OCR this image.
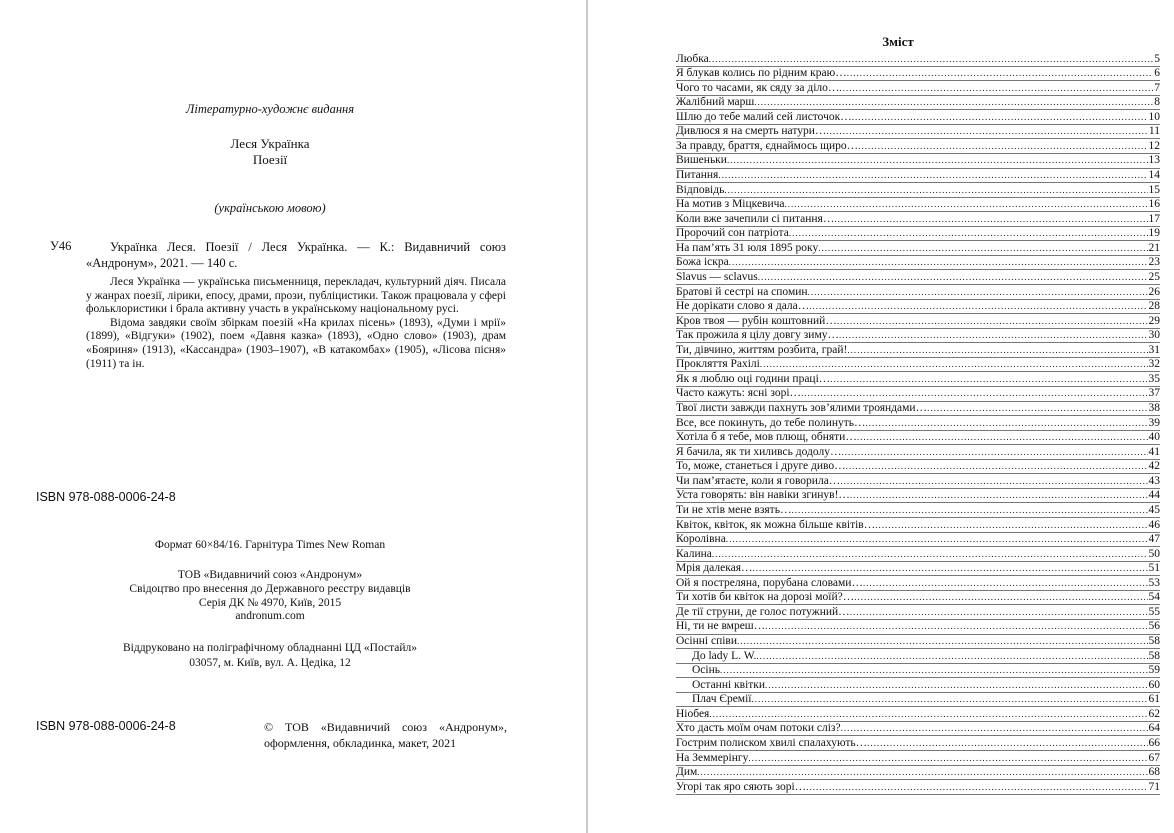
Літературно-художнє видання
Леся Українка
Поезії
(українською мовою)
У46	Українка Леся. Поезії / Леся Українка. — К.: Видавничий союз «Андронум», 2021. — 140 с.

Леся Українка — українська письменниця, перекладач, культурний діяч. Писала у жанрах поезії, лірики, епосу, драми, прози, публіцистики. Також працювала у сфері фольклористики і брала активну участь в українському національному русі.

Відома завдяки своїм збіркам поезій «На крилах пісень» (1893), «Думи і мрії» (1899), «Відгуки» (1902), поем «Давня казка» (1893), «Одно слово» (1903), драм «Бояриня» (1913), «Кассандра» (1903–1907), «В катакомбах» (1905), «Лісова пісня» (1911) та ін.

ISBN 978-088-0006-24-8
Формат 60×84/16. Гарнітура Times New Roman
ТОВ «Видавничий союз «Андронум»
Свідоцтво про внесення до Державного реєстру видавців
Серія ДК № 4970, Київ, 2015
andronum.com
Віддруковано на поліграфічному обладнанні ЦД «Постайл»
03057, м. Київ, вул. А. Цедіка, 12
ISBN 978-088-0006-24-8	© ТОВ «Видавничий союз «Андронум», оформлення, обкладинка, макет, 2021
Зміст
Любка .....	5
Я блукав колись по рідним краю… .....	6
Чого то часами, як сяду за діло… .....	7
Жалібний марш .....	8
Шлю до тебе малий сей листочок… .....	10
Дивлюся я на смерть натури… .....	11
За правду, браття, єднаймось щиро… .....	12
Вишеньки .....	13
Питання .....	14
Відповідь .....	15
На мотив з Міцкевича .....	16
Коли вже зачепили сі питання… .....	17
Пророчий сон патріота .....	19
На пам’ять 31 юля 1895 року .....	21
Божа іскра .....	23
Slavus — sclavus .....	25
Братові й сестрі на спомин .....	26
Не дорікати слово я дала… .....	28
Кров твоя — рубін коштовний… .....	29
Так прожила я цілу довгу зиму… .....	30
Ти, дівчино, життям розбита, грай! .....	31
Прокляття Рахілі .....	32
Як я люблю оці години праці… .....	35
Часто кажуть: ясні зорі… .....	37
Твої листи завжди пахнуть зов’ялими трояндами… .....	38
Все, все покинуть, до тебе полинуть… .....	39
Хотіла б я тебе, мов плющ, обняти… .....	40
Я бачила, як ти хиливсь додолу… .....	41
То, може, станеться і друге диво… .....	42
Чи пам’ятаєте, коли я говорила… .....	43
Уста говорять: він навіки згинув!… .....	44
Ти не хтів мене взять… .....	45
Квіток, квіток, як можна більше квітів… .....	46
Королівна .....	47
Калина .....	50
Мрія далекая… .....	51
Ой я постреляна, порубана словами… .....	53
Ти хотів би квіток на дорозі моїй?… .....	54
Де тії струни, де голос потужний… .....	55
Ні, ти не вмреш… .....	56
Осінні співи .....	58
До lady L. W. .....	58
Осінь .....	59
Останні квітки .....	60
Плач Єремії .....	61
Ніобея .....	62
Хто дасть моїм очам потоки сліз? .....	64
Гострим полиском хвилі спалахують… .....	66
На Земмерінгу .....	67
Дим .....	68
Угорі так яро сяють зорі… .....	71
